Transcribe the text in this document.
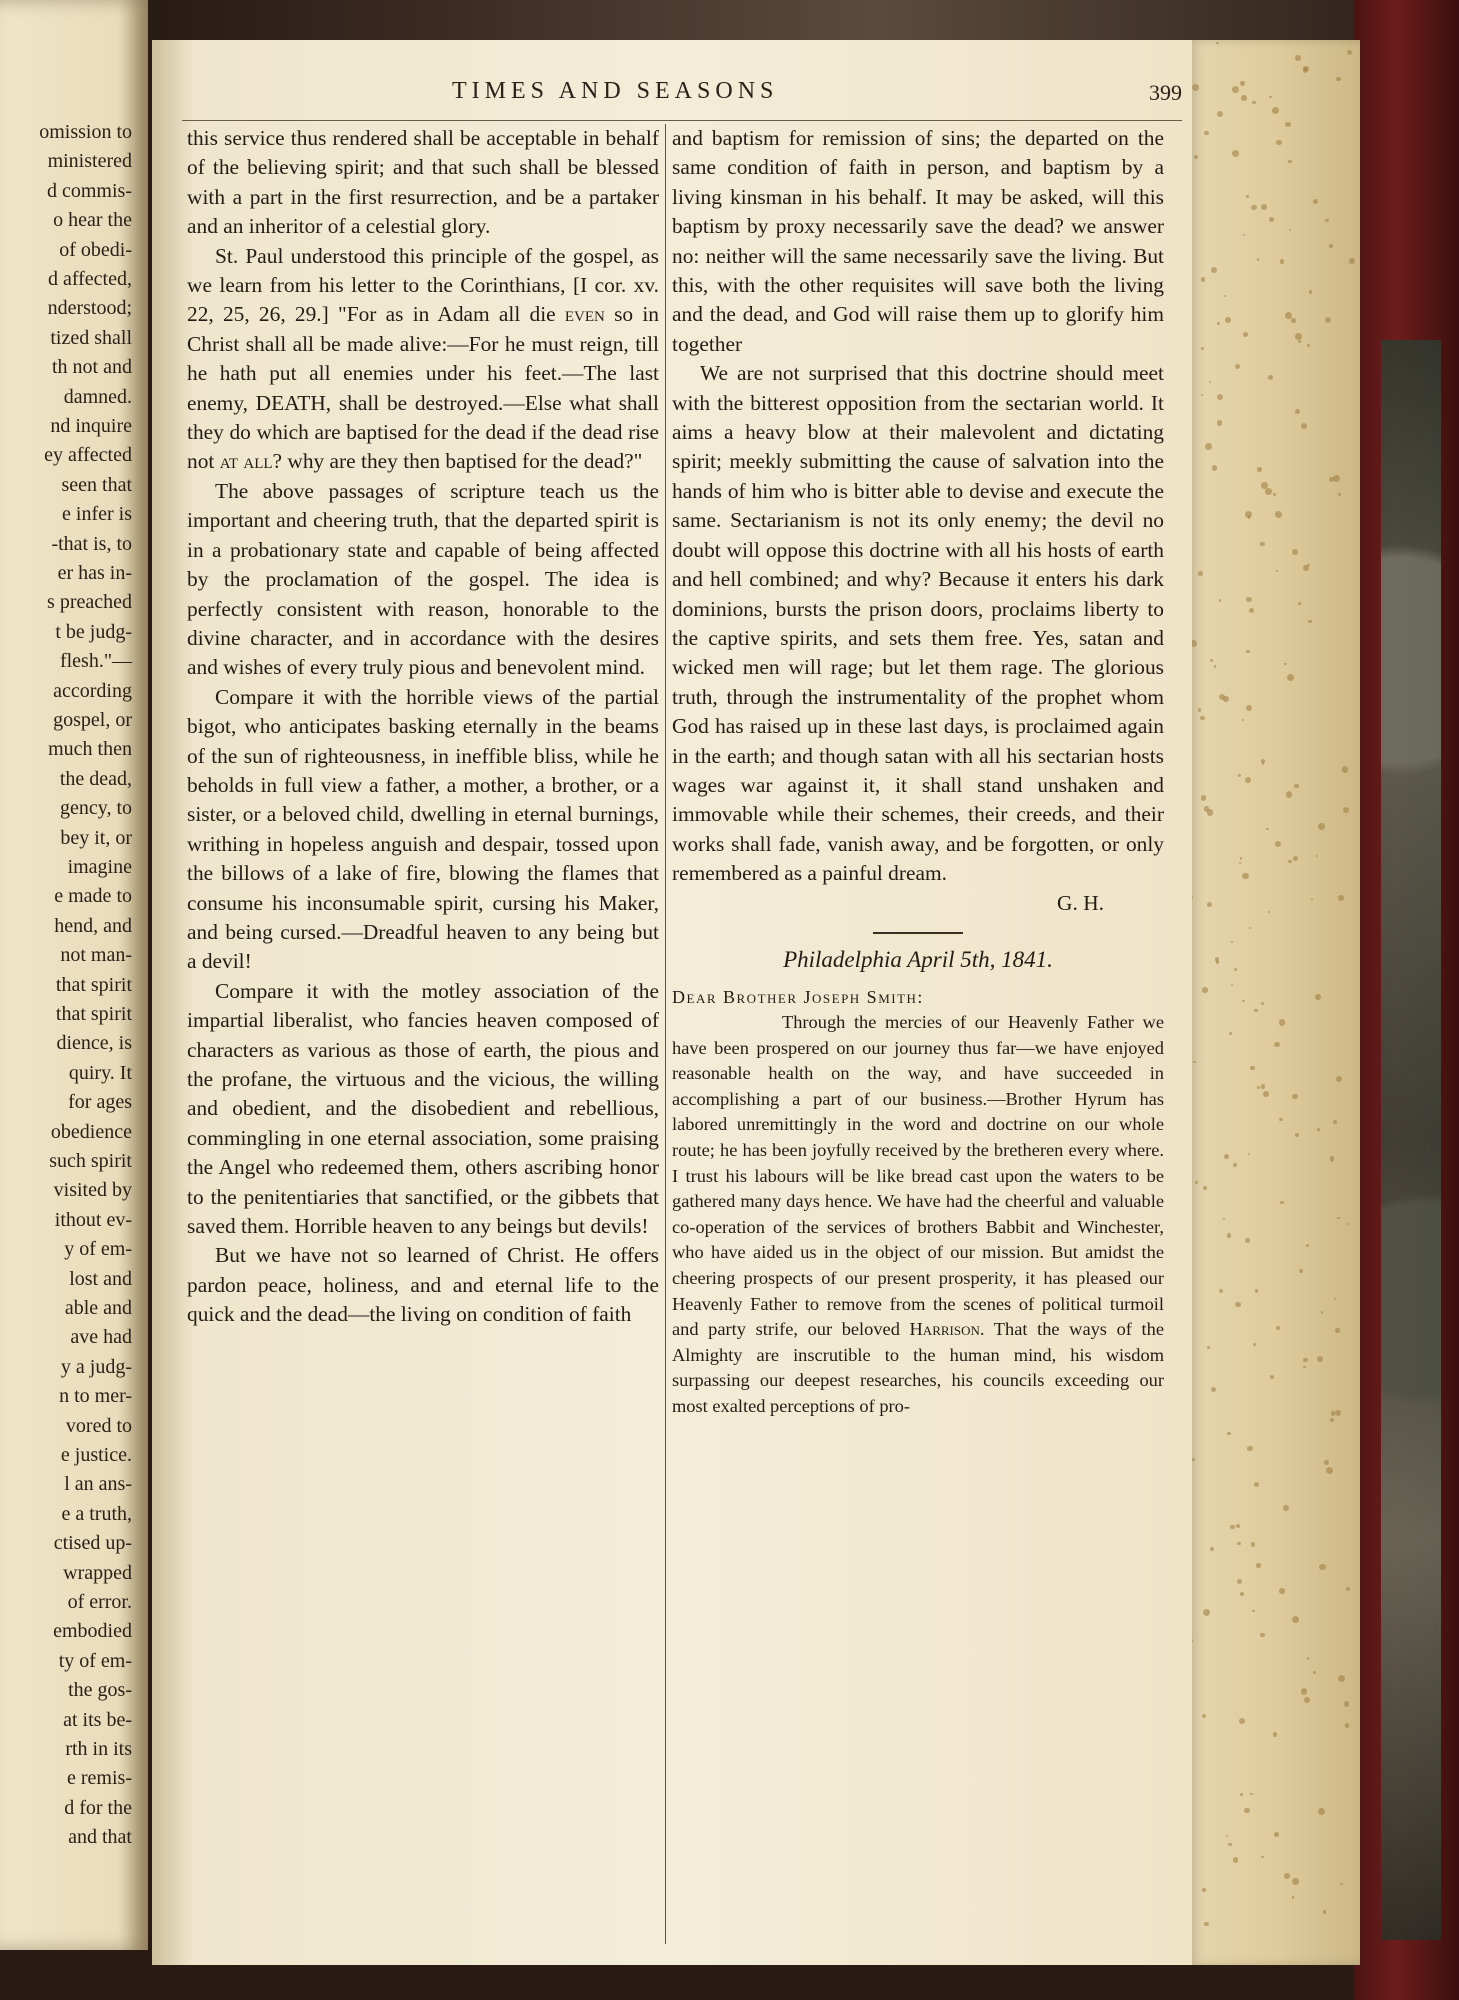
omission to
ministered
d commis-
o hear the
of obedi-
d affected,
nderstood;
tized shall
th not and
damned.
nd inquire
ey affected
seen that
e infer is
-that is, to
er has in-
s preached
t be judg-
flesh."—
according
gospel, or
much then
the dead,
gency, to
bey it, or
imagine
e made to
hend, and
not man-
that spirit
that spirit
dience, is
quiry. It
for ages
obedience
such spirit
visited by
ithout ev-
y of em-
lost and
able and
ave had
y a judg-
n to mer-
vored to
e justice.
l an ans-
e a truth,
ctised up-
wrapped
of error.
embodied
ty of em-
the gos-
at its be-
rth in its
e remis-
d for the
and that
TIMES AND SEASONS	399

this service thus rendered shall be acceptable in behalf of the believing spirit; and that such shall be blessed with a part in the first resurrection, and be a partaker and an inheritor of a celestial glory.

St. Paul understood this principle of the gospel, as we learn from his letter to the Corinthians, [I cor. xv. 22, 25, 26, 29.] "For as in Adam all die even so in Christ shall all be made alive:—For he must reign, till he hath put all enemies under his feet.—The last enemy, DEATH, shall be destroyed.—Else what shall they do which are baptised for the dead if the dead rise not at all? why are they then baptised for the dead?"

The above passages of scripture teach us the important and cheering truth, that the departed spirit is in a probationary state and capable of being affected by the proclamation of the gospel. The idea is perfectly consistent with reason, honorable to the divine character, and in accordance with the desires and wishes of every truly pious and benevolent mind.

Compare it with the horrible views of the partial bigot, who anticipates basking eternally in the beams of the sun of righteousness, in ineffible bliss, while he beholds in full view a father, a mother, a brother, or a sister, or a beloved child, dwelling in eternal burnings, writhing in hopeless anguish and despair, tossed upon the billows of a lake of fire, blowing the flames that consume his inconsumable spirit, cursing his Maker, and being cursed.—Dreadful heaven to any being but a devil!

Compare it with the motley association of the impartial liberalist, who fancies heaven composed of characters as various as those of earth, the pious and the profane, the virtuous and the vicious, the willing and obedient, and the disobedient and rebellious, commingling in one eternal association, some praising the Angel who redeemed them, others ascribing honor to the penitentiaries that sanctified, or the gibbets that saved them. Horrible heaven to any beings but devils!

But we have not so learned of Christ. He offers pardon peace, holiness, and and eternal life to the quick and the dead—the living on condition of faith

and baptism for remission of sins; the departed on the same condition of faith in person, and baptism by a living kinsman in his behalf. It may be asked, will this baptism by proxy necessarily save the dead? we answer no: neither will the same necessarily save the living. But this, with the other requisites will save both the living and the dead, and God will raise them up to glorify him together

We are not surprised that this doctrine should meet with the bitterest opposition from the sectarian world. It aims a heavy blow at their malevolent and dictating spirit; meekly submitting the cause of salvation into the hands of him who is bitter able to devise and execute the same. Sectarianism is not its only enemy; the devil no doubt will oppose this doctrine with all his hosts of earth and hell combined; and why? Because it enters his dark dominions, bursts the prison doors, proclaims liberty to the captive spirits, and sets them free. Yes, satan and wicked men will rage; but let them rage. The glorious truth, through the instrumentality of the prophet whom God has raised up in these last days, is proclaimed again in the earth; and though satan with all his sectarian hosts wages war against it, it shall stand unshaken and immovable while their schemes, their creeds, and their works shall fade, vanish away, and be forgotten, or only remembered as a painful dream.

G. H.

Philadelphia April 5th, 1841.

Dear Brother Joseph Smith:

Through the mercies of our Heavenly Father we have been prospered on our journey thus far—we have enjoyed reasonable health on the way, and have succeeded in accomplishing a part of our business.—Brother Hyrum has labored unremittingly in the word and doctrine on our whole route; he has been joyfully received by the bretheren every where. I trust his labours will be like bread cast upon the waters to be gathered many days hence. We have had the cheerful and valuable co-operation of the services of brothers Babbit and Winchester, who have aided us in the object of our mission. But amidst the cheering prospects of our present prosperity, it has pleased our Heavenly Father to remove from the scenes of political turmoil and party strife, our beloved Harrison. That the ways of the Almighty are inscrutible to the human mind, his wisdom surpassing our deepest researches, his councils exceeding our most exalted perceptions of pro-
